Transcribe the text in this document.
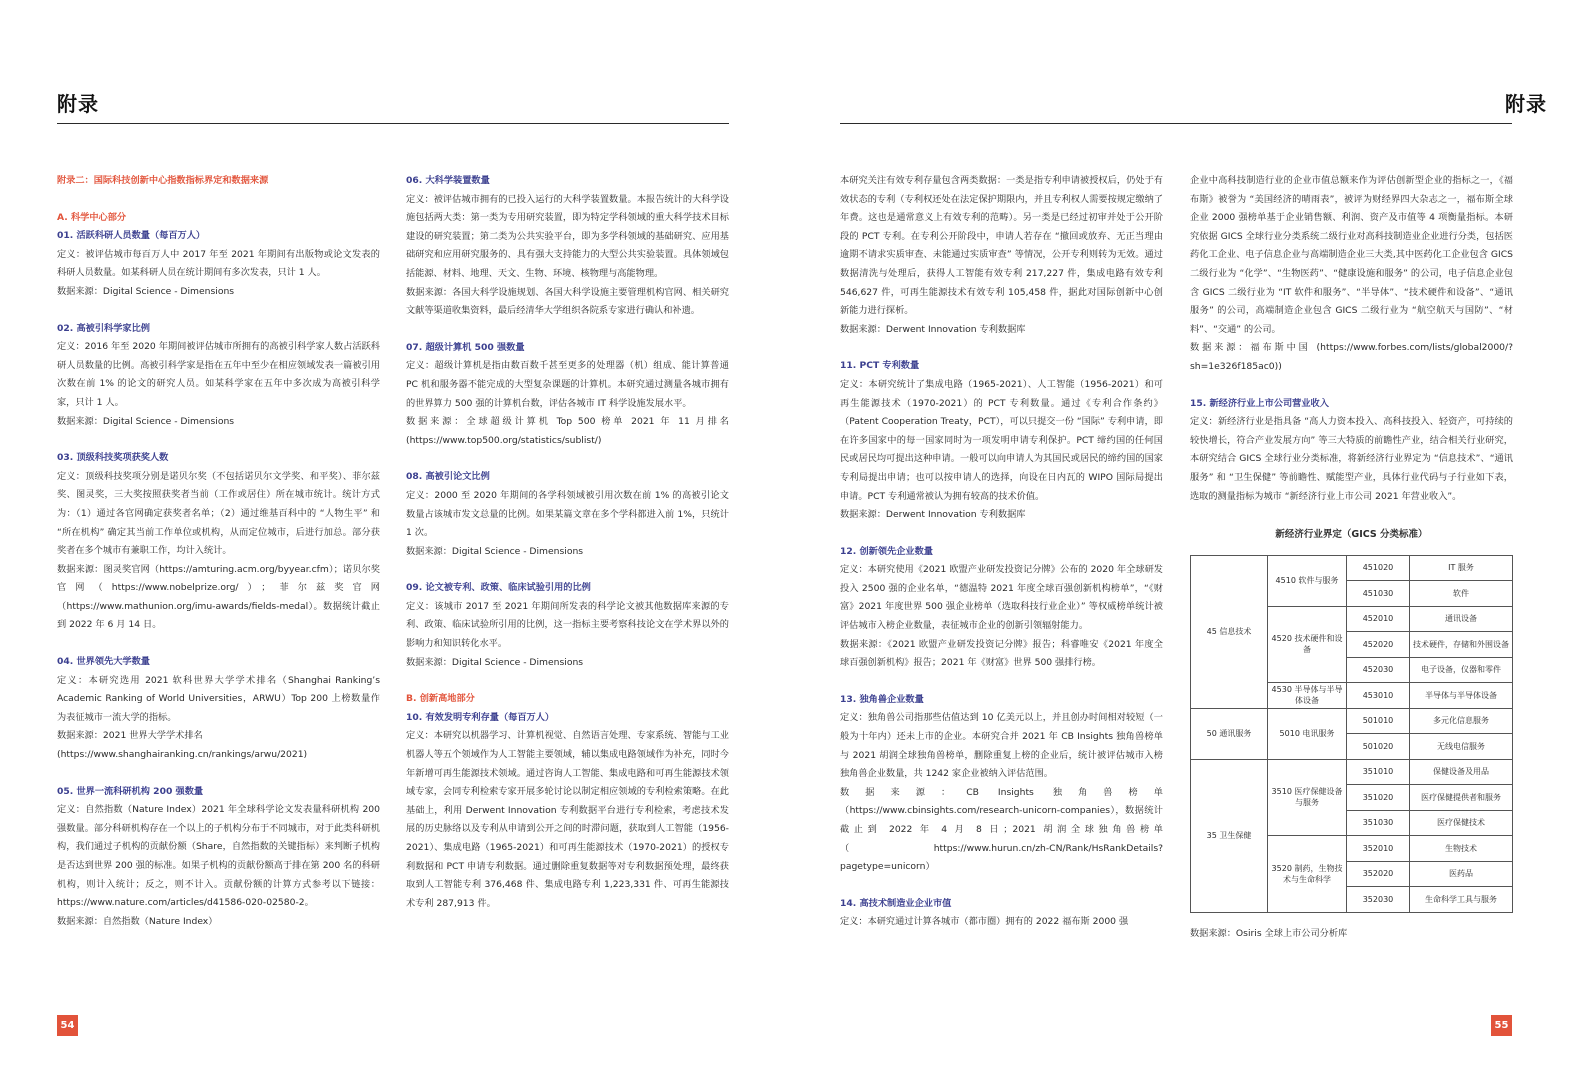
附录

附录二：国际科技创新中心指数指标界定和数据来源

A. 科学中心部分

01. 活跃科研人员数量（每百万人）

定义：被评估城市每百万人中 2017 年至 2021 年期间有出版物或论文发表的科研人员数量。如某科研人员在统计期间有多次发表，只计 1 人。

数据来源：Digital Science - Dimensions

02. 高被引科学家比例

定义：2016 年至 2020 年期间被评估城市所拥有的高被引科学家人数占活跃科研人员数量的比例。高被引科学家是指在五年中至少在相应领域发表一篇被引用次数在前 1% 的论文的研究人员。如某科学家在五年中多次成为高被引科学家，只计 1 人。

数据来源：Digital Science - Dimensions

03. 顶级科技奖项获奖人数

定义：顶级科技奖项分别是诺贝尔奖（不包括诺贝尔文学奖、和平奖）、菲尔兹奖、图灵奖，三大奖按照获奖者当前（工作或居住）所在城市统计。统计方式为：（1）通过各官网确定获奖者名单；（2）通过维基百科中的 “人物生平” 和 “所在机构” 确定其当前工作单位或机构，从而定位城市，后进行加总。部分获奖者在多个城市有兼职工作，均计入统计。

数据来源：图灵奖官网（https://amturing.acm.org/byyear.cfm）；诺贝尔奖官网（https://www.nobelprize.org/）；菲尔兹奖官网（https://www.mathunion.org/imu-awards/fields-medal）。数据统计截止到 2022 年 6 月 14 日。

04. 世界领先大学数量

定义：本研究选用 2021 软科世界大学学术排名（Shanghai Ranking’s Academic Ranking of World Universities，ARWU）Top 200 上榜数量作为表征城市一流大学的指标。

数据来源：2021 世界大学学术排名

(https://www.shanghairanking.cn/rankings/arwu/2021)

05. 世界一流科研机构 200 强数量

定义：自然指数（Nature Index）2021 年全球科学论文发表量科研机构 200 强数量。部分科研机构存在一个以上的子机构分布于不同城市，对于此类科研机构，我们通过子机构的贡献份额（Share，自然指数的关键指标）来判断子机构是否达到世界 200 强的标准。如果子机构的贡献份额高于排在第 200 名的科研机构，则计入统计；反之，则不计入。贡献份额的计算方式参考以下链接：https://www.nature.com/articles/d41586-020-02580-2。

数据来源：自然指数（Nature Index）

06. 大科学装置数量

定义：被评估城市拥有的已投入运行的大科学装置数量。本报告统计的大科学设施包括两大类：第一类为专用研究装置，即为特定学科领域的重大科学技术目标建设的研究装置；第二类为公共实验平台，即为多学科领域的基础研究、应用基础研究和应用研究服务的、具有强大支持能力的大型公共实验装置。具体领域包括能源、材料、地理、天文、生物、环境、核物理与高能物理。

数据来源：各国大科学设施规划、各国大科学设施主要管理机构官网、相关研究文献等渠道收集资料，最后经清华大学组织各院系专家进行确认和补遗。

07. 超级计算机 500 强数量

定义：超级计算机是指由数百数千甚至更多的处理器（机）组成、能计算普通 PC 机和服务器不能完成的大型复杂课题的计算机。本研究通过测量各城市拥有的世界算力 500 强的计算机台数，评估各城市 IT 科学设施发展水平。

数据来源：全球超级计算机 Top 500 榜单 2021 年 11 月排名 (https://www.top500.org/statistics/sublist/)

08. 高被引论文比例

定义：2000 至 2020 年期间的各学科领域被引用次数在前 1% 的高被引论文数量占该城市发文总量的比例。如果某篇文章在多个学科都进入前 1%，只统计 1 次。

数据来源：Digital Science - Dimensions

09. 论文被专利、政策、临床试验引用的比例

定义：该城市 2017 至 2021 年期间所发表的科学论文被其他数据库来源的专利、政策、临床试验所引用的比例，这一指标主要考察科技论文在学术界以外的影响力和知识转化水平。

数据来源：Digital Science - Dimensions

B. 创新高地部分

10. 有效发明专利存量（每百万人）

定义：本研究以机器学习、计算机视觉、自然语言处理、专家系统、智能与工业机器人等五个领域作为人工智能主要领域，辅以集成电路领域作为补充，同时今年新增可再生能源技术领域。通过咨询人工智能、集成电路和可再生能源技术领域专家，会同专利检索专家开展多轮讨论以制定相应领域的专利检索策略。在此基础上，利用 Derwent Innovation 专利数据平台进行专利检索，考虑技术发展的历史脉络以及专利从申请到公开之间的时滞问题，获取到人工智能（1956-2021）、集成电路（1965-2021）和可再生能源技术（1970-2021）的授权专利数据和 PCT 申请专利数据。通过删除重复数据等对专利数据预处理，最终获取到人工智能专利 376,468 件、集成电路专利 1,223,331 件、可再生能源技术专利 287,913 件。

54
附录

本研究关注有效专利存量包含两类数据：一类是指专利申请被授权后，仍处于有效状态的专利（专利权还处在法定保护期限内，并且专利权人需要按规定缴纳了年费。这也是通常意义上有效专利的范畴）。另一类是已经过初审并处于公开阶段的 PCT 专利。在专利公开阶段中，申请人若存在 “撤回或放弃、无正当理由逾期不请求实质审查、未能通过实质审查” 等情况，公开专利则转为无效。通过数据清洗与处理后，获得人工智能有效专利 217,227 件，集成电路有效专利 546,627 件，可再生能源技术有效专利 105,458 件，据此对国际创新中心创新能力进行探析。

数据来源：Derwent Innovation 专利数据库

11. PCT 专利数量

定义：本研究统计了集成电路（1965-2021）、人工智能（1956-2021）和可再生能源技术（1970-2021）的 PCT 专利数量。通过《专利合作条约》（Patent Cooperation Treaty，PCT），可以只提交一份 “国际” 专利申请，即在许多国家中的每一国家同时为一项发明申请专利保护。PCT 缔约国的任何国民或居民均可提出这种申请。一般可以向申请人为其国民或居民的缔约国的国家专利局提出申请；也可以按申请人的选择，向设在日内瓦的 WIPO 国际局提出申请。PCT 专利通常被认为拥有较高的技术价值。

数据来源：Derwent Innovation 专利数据库

12. 创新领先企业数量

定义：本研究使用《2021 欧盟产业研发投资记分牌》公布的 2020 年全球研发投入 2500 强的企业名单，“德温特 2021 年度全球百强创新机构榜单”，“《财富》2021 年度世界 500 强企业榜单（选取科技行业企业）” 等权威榜单统计被评估城市入榜企业数量，表征城市企业的创新引领辐射能力。

数据来源：《2021 欧盟产业研发投资记分牌》报告；科睿唯安《2021 年度全球百强创新机构》报告；2021 年《财富》世界 500 强排行榜。

13. 独角兽企业数量

定义：独角兽公司指那些估值达到 10 亿美元以上，并且创办时间相对较短（一般为十年内）还未上市的企业。本研究合并 2021 年 CB Insights 独角兽榜单与 2021 胡润全球独角兽榜单，删除重复上榜的企业后，统计被评估城市入榜独角兽企业数量，共 1242 家企业被纳入评估范围。

数据来源：CB Insights 独角兽榜单（https://www.cbinsights.com/research-unicorn-companies），数据统计截止到 2022 年 4 月 8 日；2021 胡润全球独角兽榜单（https://www.hurun.cn/zh-CN/Rank/HsRankDetails?pagetype=unicorn）

14. 高技术制造业企业市值

定义：本研究通过计算各城市（都市圈）拥有的 2022 福布斯 2000 强

企业中高科技制造行业的企业市值总额来作为评估创新型企业的指标之一，《福布斯》被誉为 “美国经济的晴雨表”，被评为财经界四大杂志之一，福布斯全球企业 2000 强榜单基于企业销售额、利润、资产及市值等 4 项衡量指标。本研究依据 GICS 全球行业分类系统二级行业对高科技制造业企业进行分类，包括医药化工企业、电子信息企业与高端制造企业三大类,其中医药化工企业包含 GICS 二级行业为 “化学”、“生物医药”、“健康设施和服务” 的公司，电子信息企业包含 GICS 二级行业为 “IT 软件和服务”、“半导体”、“技术硬件和设备”、“通讯服务” 的公司，高端制造企业包含 GICS 二级行业为 “航空航天与国防”、“材料”、“交通” 的公司。

数据来源：福布斯中国 (https://www.forbes.com/lists/global2000/?sh=1e326f185ac0))

15. 新经济行业上市公司营业收入

定义：新经济行业是指具备 “高人力资本投入、高科技投入、轻资产，可持续的较快增长，符合产业发展方向” 等三大特质的前瞻性产业，结合相关行业研究，本研究结合 GICS 全球行业分类标准，将新经济行业界定为 “信息技术”、“通讯服务” 和 “卫生保健” 等前瞻性、赋能型产业，具体行业代码与子行业如下表，选取的测量指标为城市 “新经济行业上市公司 2021 年营业收入”。

新经济行业界定（GICS 分类标准）
45 信息技术	4510 软件与服务	451020	IT 服务
		451030	软件
	4520 技术硬件和设备	452010	通讯设备
		452020	技术硬件，存储和外围设备
		452030	电子设备，仪器和零件
	4530 半导体与半导体设备	453010	半导体与半导体设备
50 通讯服务	5010 电讯服务	501010	多元化信息服务
		501020	无线电信服务
35 卫生保健	3510 医疗保健设备与服务	351010	保健设备及用品
		351020	医疗保健提供者和服务
		351030	医疗保健技术
	3520 制药，生物技术与生命科学	352010	生物技术
		352020	医药品
		352030	生命科学工具与服务

数据来源：Osiris 全球上市公司分析库

55
